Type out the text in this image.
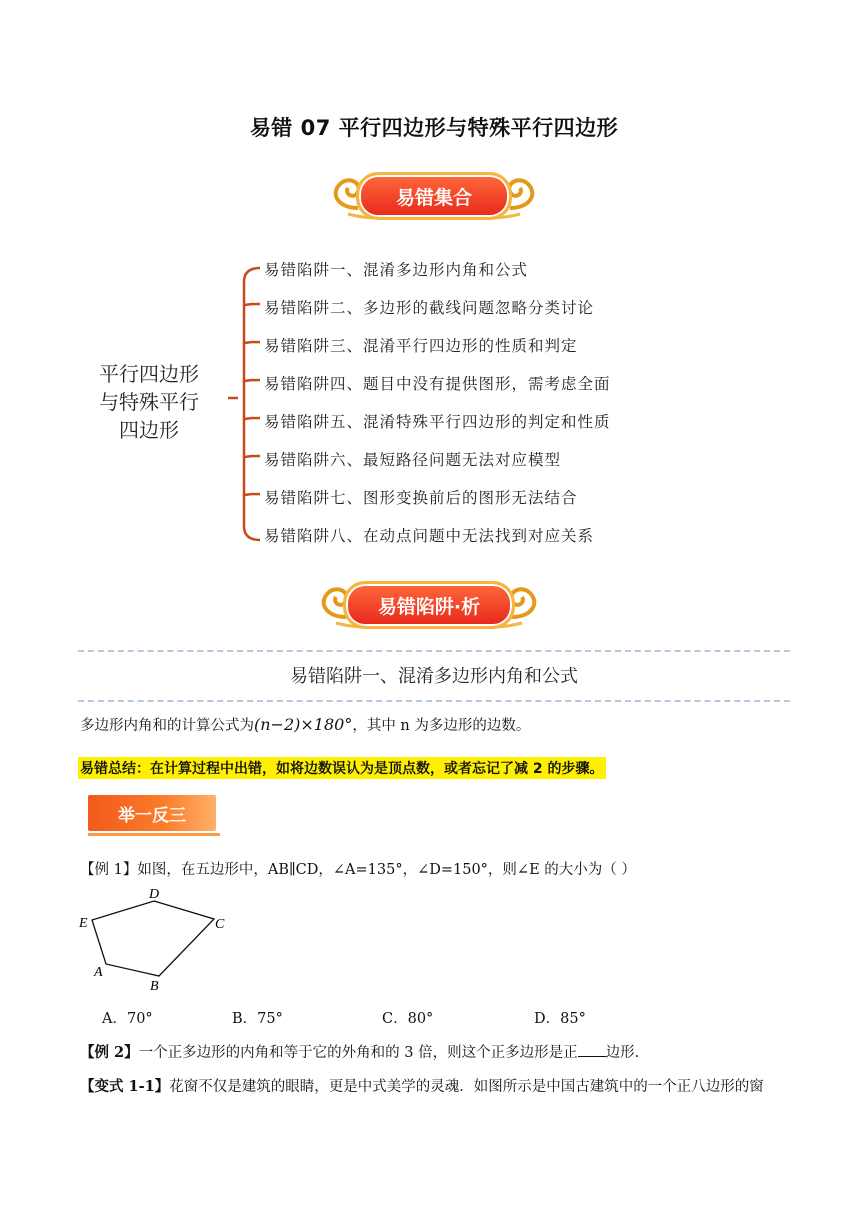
易错 07 平行四边形与特殊平行四边形
易错集合
平行四边形
与特殊平行
四边形
易错陷阱一、混淆多边形内角和公式
易错陷阱二、多边形的截线问题忽略分类讨论
易错陷阱三、混淆平行四边形的性质和判定
易错陷阱四、题目中没有提供图形，需考虑全面
易错陷阱五、混淆特殊平行四边形的判定和性质
易错陷阱六、最短路径问题无法对应模型
易错陷阱七、图形变换前后的图形无法结合
易错陷阱八、在动点问题中无法找到对应关系
易错陷阱·析
易错陷阱一、混淆多边形内角和公式
多边形内角和的计算公式为(n−2)×180°，其中 n 为多边形的边数。
易错总结：在计算过程中出错，如将边数误认为是顶点数，或者忘记了减 2 的步骤。
举一反三
【例 1】如图，在五边形中，AB∥CD，∠A=135°，∠D=150°，则∠E 的大小为（ ）
D
C
E
A
B
A．70°	B．75°	C．80°	D．85°
【例 2】一个正多边形的内角和等于它的外角和的 3 倍，则这个正多边形是正 边形.
【变式 1-1】花窗不仅是建筑的眼睛，更是中式美学的灵魂．如图所示是中国古建筑中的一个正八边形的窗
